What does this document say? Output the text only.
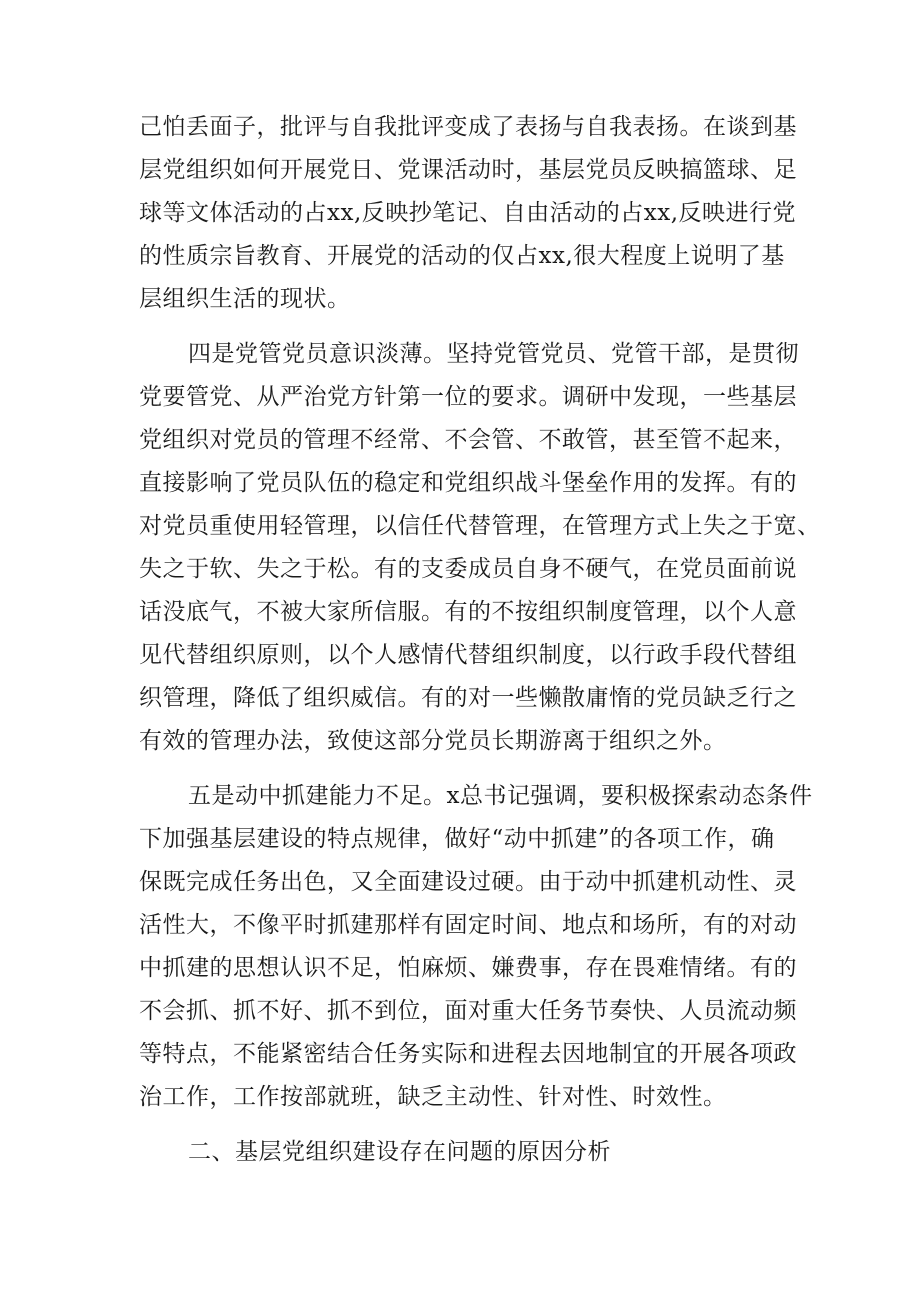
己怕丢面子，批评与自我批评变成了表扬与自我表扬。在谈到基
层党组织如何开展党日、党课活动时，基层党员反映搞篮球、足
球等文体活动的占xx,反映抄笔记、自由活动的占xx,反映进行党
的性质宗旨教育、开展党的活动的仅占xx,很大程度上说明了基
层组织生活的现状。
四是党管党员意识淡薄。坚持党管党员、党管干部，是贯彻
党要管党、从严治党方针第一位的要求。调研中发现，一些基层
党组织对党员的管理不经常、不会管、不敢管，甚至管不起来，
直接影响了党员队伍的稳定和党组织战斗堡垒作用的发挥。有的
对党员重使用轻管理，以信任代替管理，在管理方式上失之于宽、
失之于软、失之于松。有的支委成员自身不硬气，在党员面前说
话没底气，不被大家所信服。有的不按组织制度管理，以个人意
见代替组织原则，以个人感情代替组织制度，以行政手段代替组
织管理，降低了组织威信。有的对一些懒散庸惰的党员缺乏行之
有效的管理办法，致使这部分党员长期游离于组织之外。
五是动中抓建能力不足。x总书记强调，要积极探索动态条件
下加强基层建设的特点规律，做好“动中抓建”的各项工作，确
保既完成任务出色，又全面建设过硬。由于动中抓建机动性、灵
活性大，不像平时抓建那样有固定时间、地点和场所，有的对动
中抓建的思想认识不足，怕麻烦、嫌费事，存在畏难情绪。有的
不会抓、抓不好、抓不到位，面对重大任务节奏快、人员流动频
等特点，不能紧密结合任务实际和进程去因地制宜的开展各项政
治工作，工作按部就班，缺乏主动性、针对性、时效性。
二、基层党组织建设存在问题的原因分析
